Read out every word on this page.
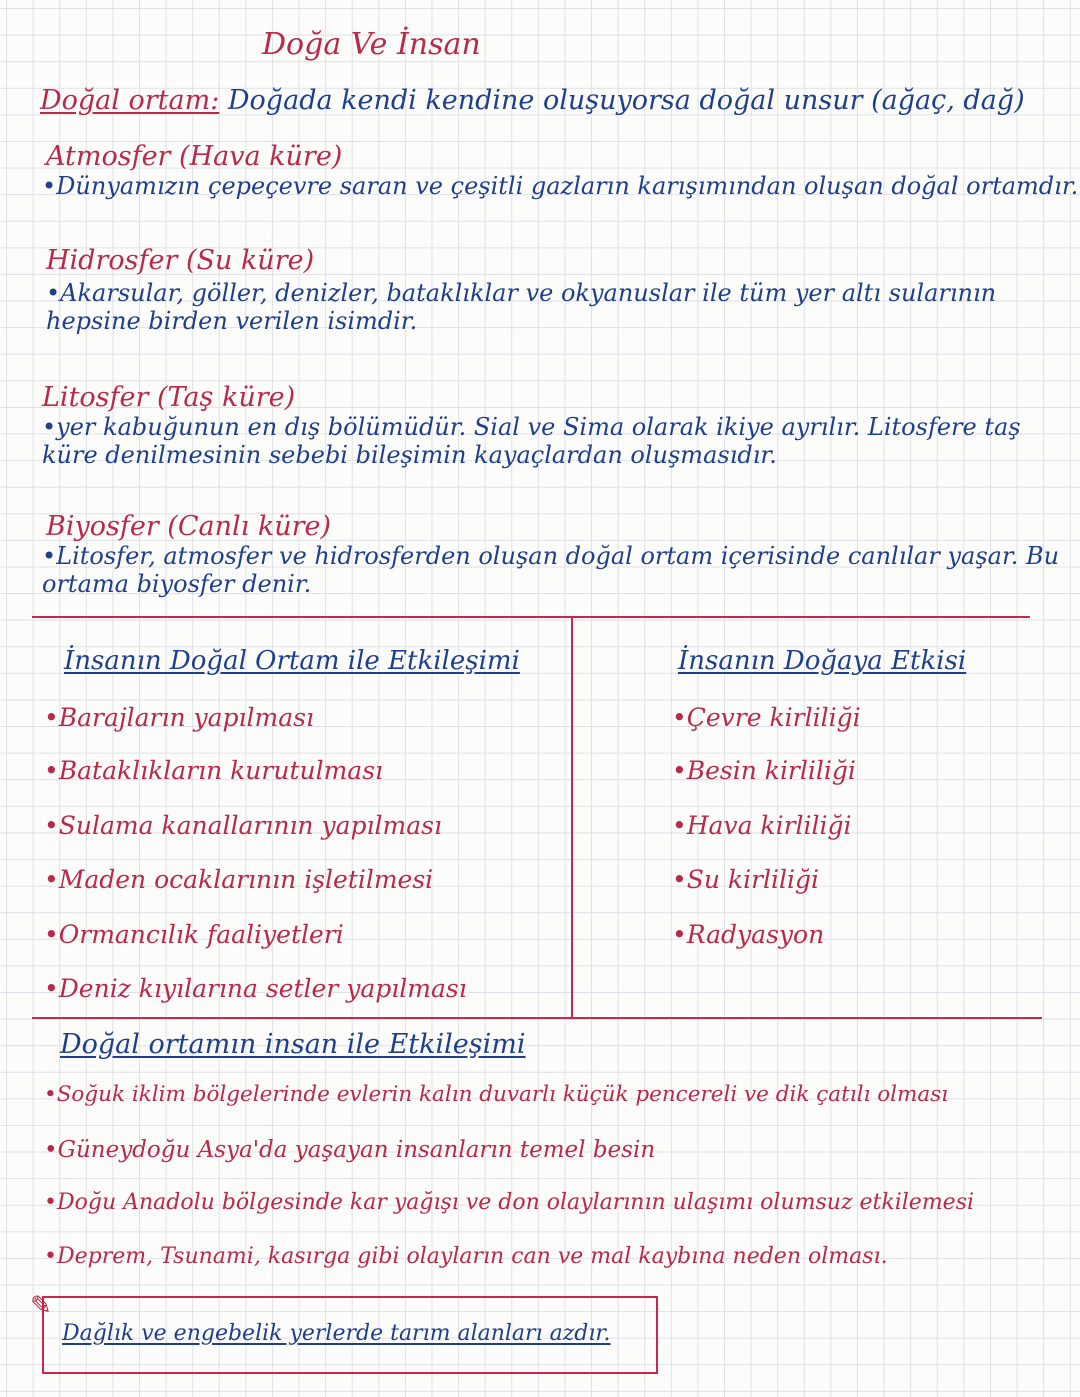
Doğa Ve İnsan
Doğal ortam: Doğada kendi kendine oluşuyorsa doğal unsur (ağaç, dağ)
Atmosfer (Hava küre)
• Dünyamızın çepeçevre saran ve çeşitli gazların karışımından oluşan doğal ortamdır.
Hidrosfer (Su küre)
• Akarsular, göller, denizler, bataklıklar ve okyanuslar ile tüm yer altı sularının
hepsine birden verilen isimdir.
Litosfer (Taş küre)
• yer kabuğunun en dış bölümüdür. Sial ve Sima olarak ikiye ayrılır. Litosfere taş
küre denilmesinin sebebi bileşimin kayaçlardan oluşmasıdır.
Biyosfer (Canlı küre)
• Litosfer, atmosfer ve hidrosferden oluşan doğal ortam içerisinde canlılar yaşar. Bu
ortama biyosfer denir.
İnsanın Doğal Ortam ile Etkileşimi
• Barajların yapılması
• Bataklıkların kurutulması
• Sulama kanallarının yapılması
• Maden ocaklarının işletilmesi
• Ormancılık faaliyetleri
• Deniz kıyılarına setler yapılması
İnsanın Doğaya Etkisi
• Çevre kirliliği
• Besin kirliliği
• Hava kirliliği
• Su kirliliği
• Radyasyon
Doğal ortamın insan ile Etkileşimi
• Soğuk iklim bölgelerinde evlerin kalın duvarlı küçük pencereli ve dik çatılı olması
• Güneydoğu Asya'da yaşayan insanların temel besin
• Doğu Anadolu bölgesinde kar yağışı ve don olaylarının ulaşımı olumsuz etkilemesi
• Deprem, Tsunami, kasırga gibi olayların can ve mal kaybına neden olması.
Dağlık ve engebelik yerlerde tarım alanları azdır.
✎
